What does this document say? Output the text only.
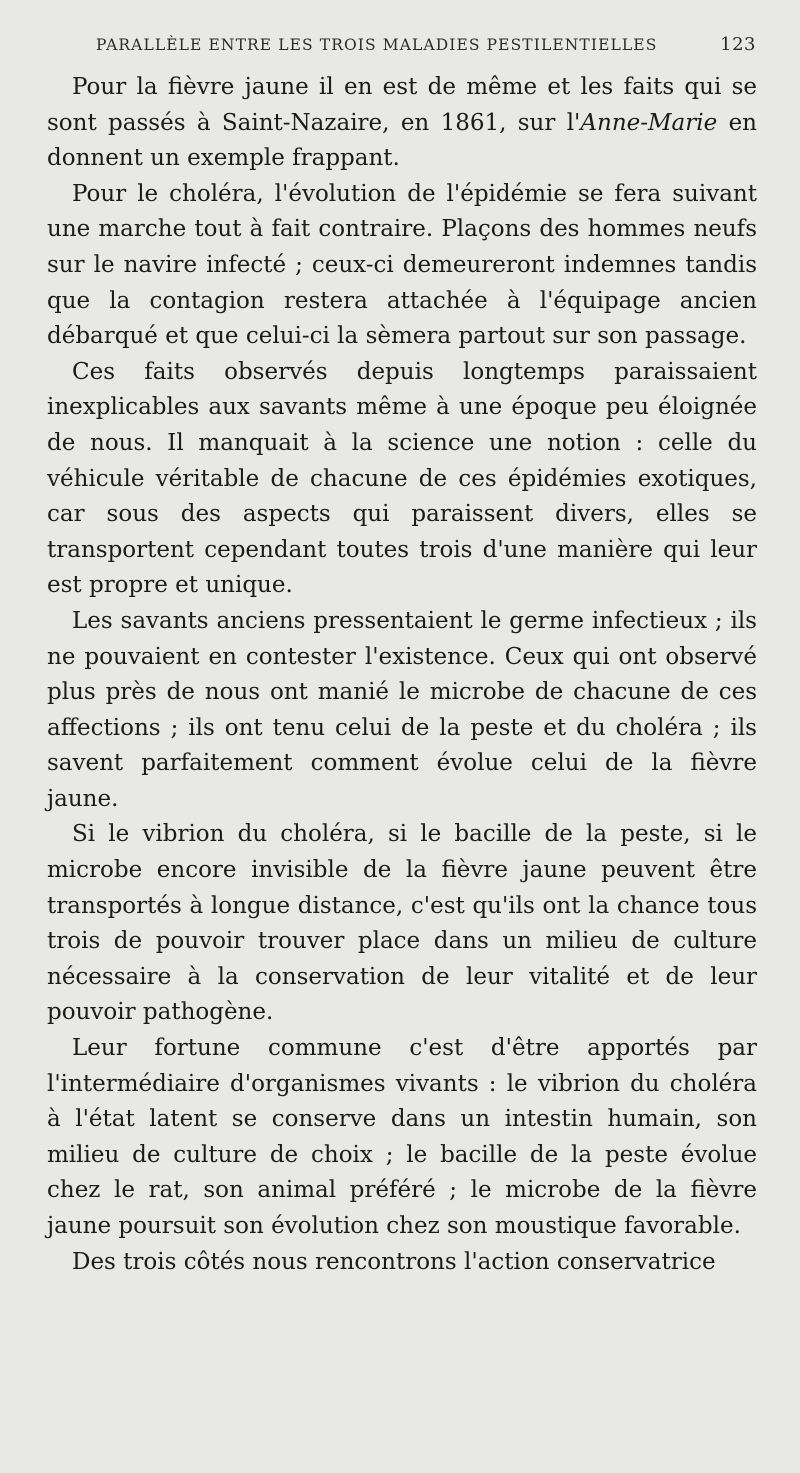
PARALLÈLE ENTRE LES TROIS MALADIES PESTILENTIELLES	123

Pour la fièvre jaune il en est de même et les faits qui se sont passés à Saint-Nazaire, en 1861, sur l'Anne-Marie en donnent un exemple frappant.

Pour le choléra, l'évolution de l'épidémie se fera suivant une marche tout à fait contraire. Plaçons des hommes neufs sur le navire infecté ; ceux-ci demeureront indemnes tandis que la contagion restera attachée à l'équipage ancien débarqué et que celui-ci la sèmera partout sur son passage.

Ces faits observés depuis longtemps paraissaient inexplicables aux savants même à une époque peu éloignée de nous. Il manquait à la science une notion : celle du véhicule véritable de chacune de ces épidémies exotiques, car sous des aspects qui paraissent divers, elles se transportent cependant toutes trois d'une manière qui leur est propre et unique.

Les savants anciens pressentaient le germe infectieux ; ils ne pouvaient en contester l'existence. Ceux qui ont observé plus près de nous ont manié le microbe de chacune de ces affections ; ils ont tenu celui de la peste et du choléra ; ils savent parfaitement comment évolue celui de la fièvre jaune.

Si le vibrion du choléra, si le bacille de la peste, si le microbe encore invisible de la fièvre jaune peuvent être transportés à longue distance, c'est qu'ils ont la chance tous trois de pouvoir trouver place dans un milieu de culture nécessaire à la conservation de leur vitalité et de leur pouvoir pathogène.

Leur fortune commune c'est d'être apportés par l'intermédiaire d'organismes vivants : le vibrion du choléra à l'état latent se conserve dans un intestin humain, son milieu de culture de choix ; le bacille de la peste évolue chez le rat, son animal préféré ; le microbe de la fièvre jaune poursuit son évolution chez son moustique favorable.

Des trois côtés nous rencontrons l'action conservatrice
